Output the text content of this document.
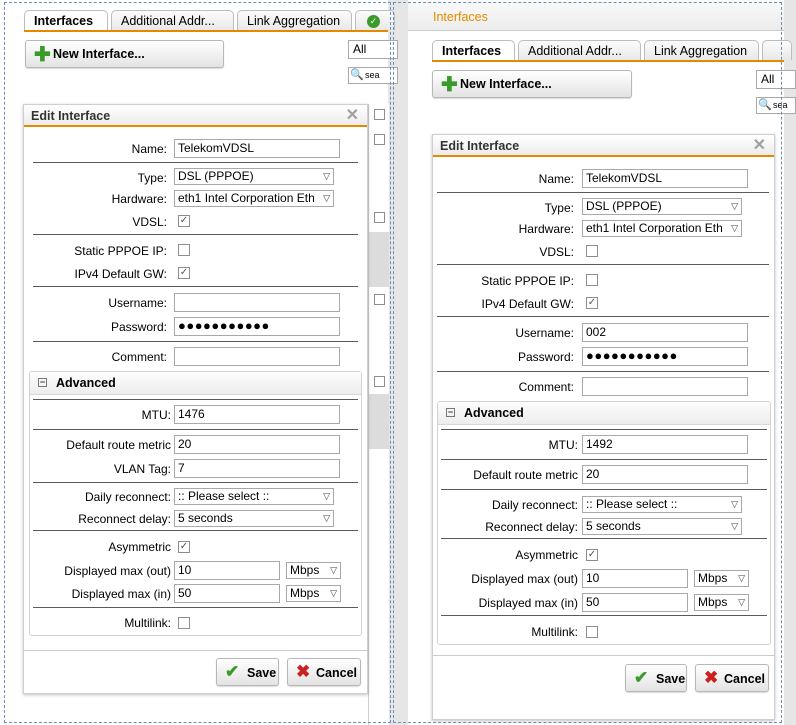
Interfaces	Additional Addr...	Link Aggregation	✓
✚ New Interface...	All
🔍 sea
Edit Interface	✕
Name: TelekomVDSL
Type: DSL (PPPOE)	▽
Hardware: eth1 Intel Corporation Eth ▽
VDSL: ✓
Static PPPOE IP:
IPv4 Default GW: ✓
Username:
Password: ●●●●●●●●●●●
Comment:
− Advanced
MTU: 1476
Default route metric 20
VLAN Tag: 7
Daily reconnect: :: Please select ::	▽
Reconnect delay: 5 seconds	▽
Asymmetric ✓
Displayed max (out) 10	Mbps ▽
Displayed max (in) 50	Mbps ▽
Multilink:
✔ Save ✖ Cancel
Interfaces
Interfaces	Additional Addr...	Link Aggregation
✚ New Interface...	All
🔍 sea
Edit Interface	✕
Name:	TelekomVDSL
Type:	DSL (PPPOE)	▽
Hardware:	eth1 Intel Corporation Eth ▽
VDSL:
Static PPPOE IP:
IPv4 Default GW: ✓
Username:	002
Password: ●●●●●●●●●●●
Comment:
− Advanced
MTU: 1492
Default route metric 20
Daily reconnect: :: Please select ::	▽
Reconnect delay: 5 seconds	▽
Asymmetric ✓
Displayed max (out) 10	Mbps ▽
Displayed max (in) 50	Mbps ▽
Multilink:
✔ Save ✖ Cancel
